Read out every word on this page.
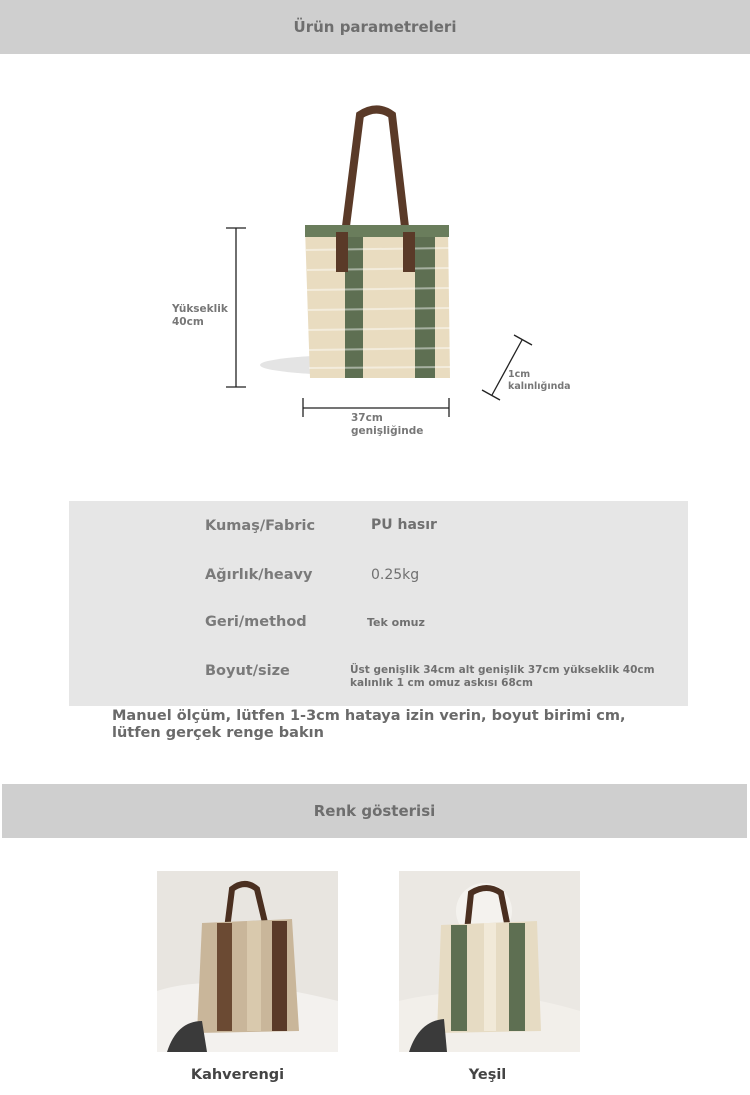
Ürün parametreleri
Yükseklik
40cm
37cm
genişliğinde
1cm
kalınlığında
Kumaş/Fabric	PU hasır
Ağırlık/heavy	0.25kg
Geri/method	Tek omuz
Boyut/size	Üst genişlik 34cm alt genişlik 37cm yükseklik 40cm kalınlık 1 cm omuz askısı 68cm
Manuel ölçüm, lütfen 1-3cm hataya izin verin, boyut birimi cm, lütfen gerçek renge bakın
Renk gösterisi
Kahverengi	Yeşil
